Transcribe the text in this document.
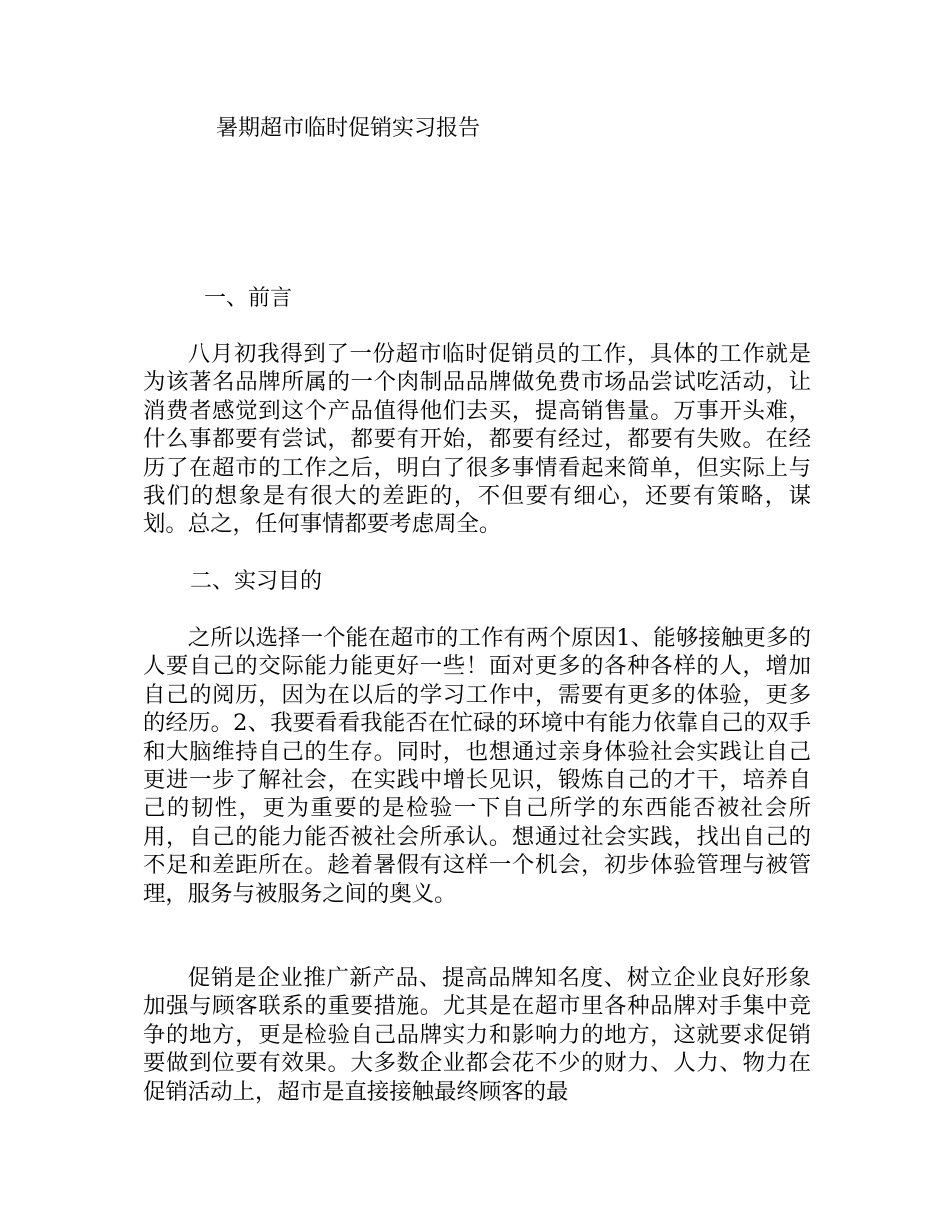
暑期超市临时促销实习报告
一、前言

八月初我得到了一份超市临时促销员的工作，具体的工作就是为该著名品牌所属的一个肉制品品牌做免费市场品尝试吃活动，让消费者感觉到这个产品值得他们去买，提高销售量。万事开头难，什么事都要有尝试，都要有开始，都要有经过，都要有失败。在经历了在超市的工作之后，明白了很多事情看起来简单，但实际上与我们的想象是有很大的差距的，不但要有细心，还要有策略，谋划。总之，任何事情都要考虑周全。

二、实习目的

之所以选择一个能在超市的工作有两个原因1、能够接触更多的人要自己的交际能力能更好一些！面对更多的各种各样的人，增加自己的阅历，因为在以后的学习工作中，需要有更多的体验，更多的经历。2、我要看看我能否在忙碌的环境中有能力依靠自己的双手和大脑维持自己的生存。同时，也想通过亲身体验社会实践让自己更进一步了解社会，在实践中增长见识，锻炼自己的才干，培养自己的韧性，更为重要的是检验一下自己所学的东西能否被社会所用，自己的能力能否被社会所承认。想通过社会实践，找出自己的不足和差距所在。趁着暑假有这样一个机会，初步体验管理与被管理，服务与被服务之间的奥义。

促销是企业推广新产品、提高品牌知名度、树立企业良好形象加强与顾客联系的重要措施。尤其是在超市里各种品牌对手集中竞争的地方，更是检验自己品牌实力和影响力的地方，这就要求促销要做到位要有效果。大多数企业都会花不少的财力、人力、物力在促销活动上，超市是直接接触最终顾客的最
